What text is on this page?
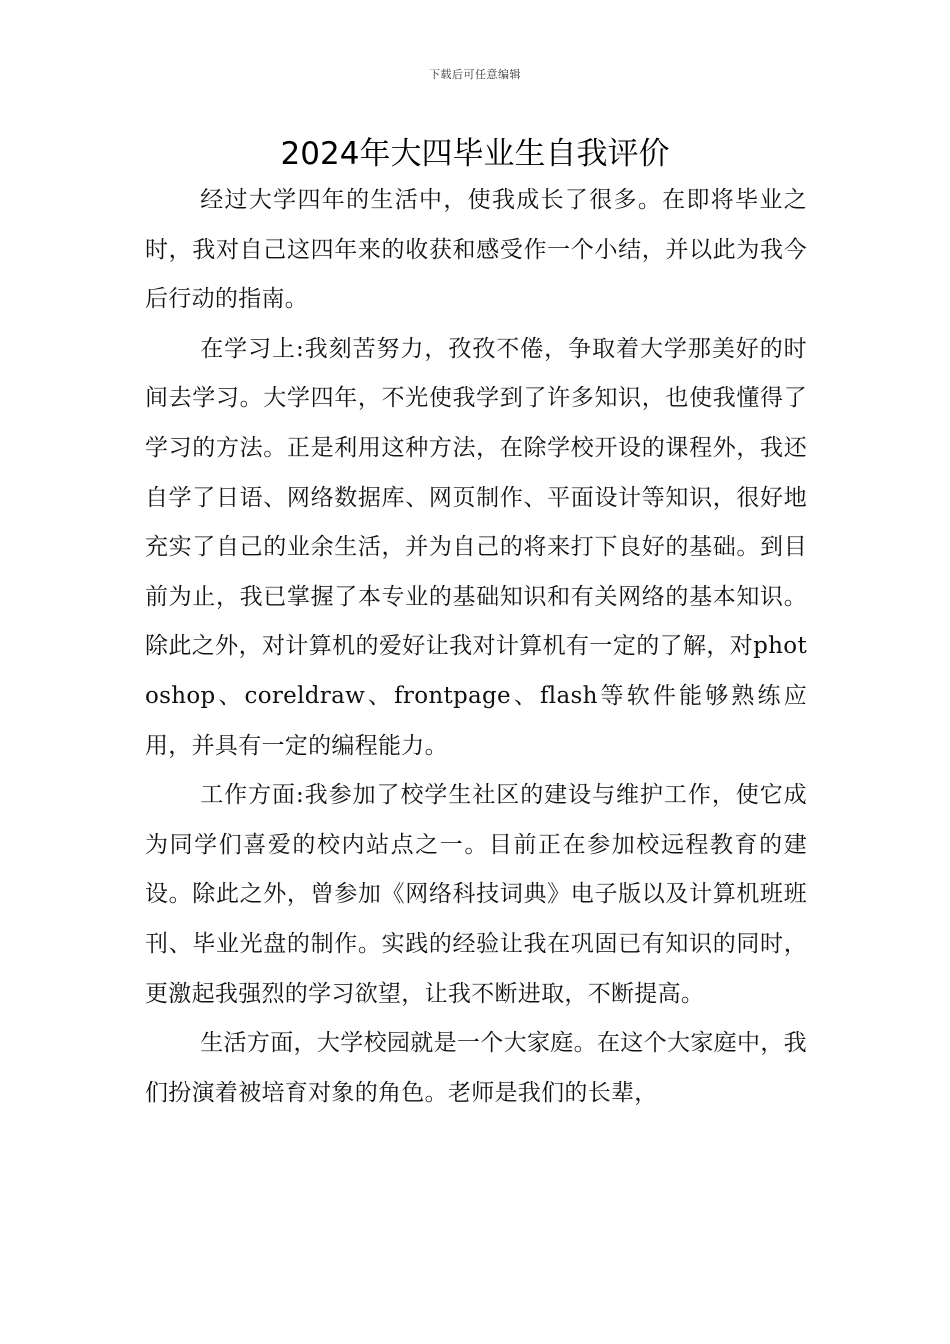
下载后可任意编辑
2024年大四毕业生自我评价

经过大学四年的生活中，使我成长了很多。在即将毕业之时，我对自己这四年来的收获和感受作一个小结，并以此为我今后行动的指南。

在学习上:我刻苦努力，孜孜不倦，争取着大学那美好的时间去学习。大学四年，不光使我学到了许多知识，也使我懂得了学习的方法。正是利用这种方法，在除学校开设的课程外，我还自学了日语、网络数据库、网页制作、平面设计等知识，很好地充实了自己的业余生活，并为自己的将来打下良好的基础。到目前为止，我已掌握了本专业的基础知识和有关网络的基本知识。除此之外，对计算机的爱好让我对计算机有一定的了解，对photoshop、coreldraw、frontpage、flash等软件能够熟练应用，并具有一定的编程能力。

工作方面:我参加了校学生社区的建设与维护工作，使它成为同学们喜爱的校内站点之一。目前正在参加校远程教育的建设。除此之外，曾参加《网络科技词典》电子版以及计算机班班刊、毕业光盘的制作。实践的经验让我在巩固已有知识的同时，更激起我强烈的学习欲望，让我不断进取，不断提高。

生活方面，大学校园就是一个大家庭。在这个大家庭中，我们扮演着被培育对象的角色。老师是我们的长辈，
